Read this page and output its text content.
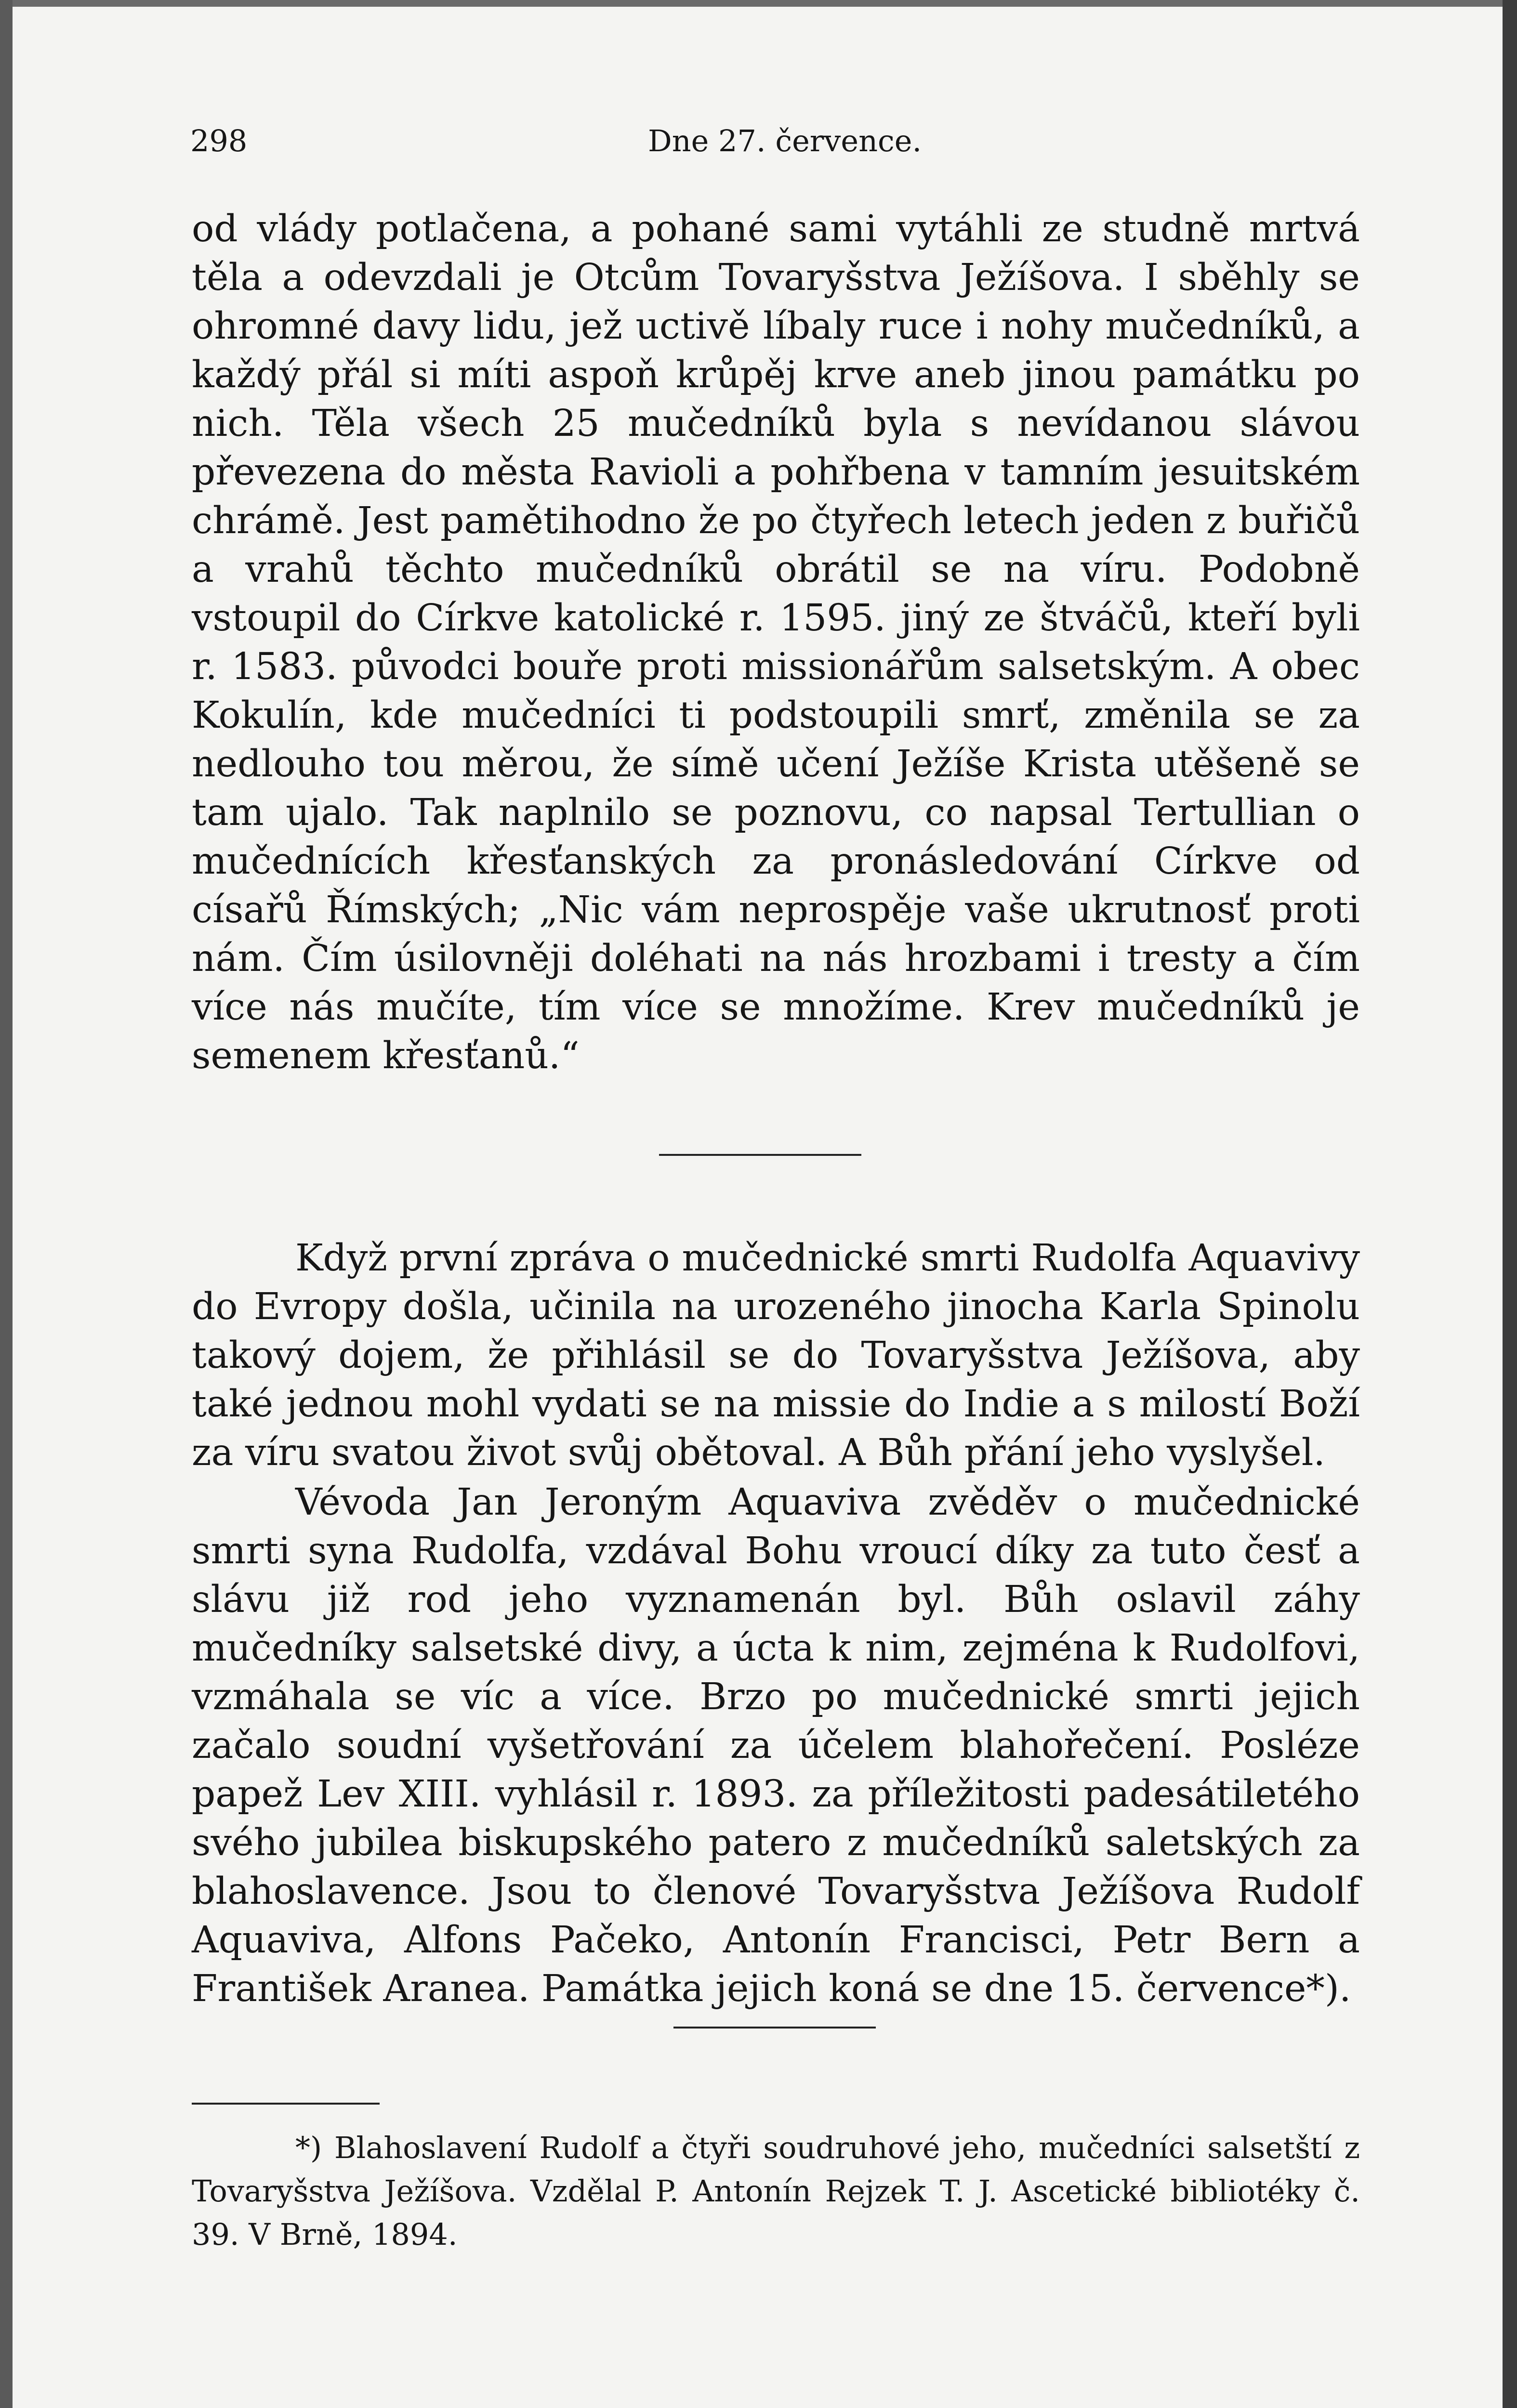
298	Dne 27. července.

od vlády potlačena, a pohané sami vytáhli ze studně mrtvá těla a odevzdali je Otcům Tovaryšstva Ježíšova. I sběhly se ohromné davy lidu, jež uctivě líbaly ruce i nohy mučedníků, a každý přál si míti aspoň krůpěj krve aneb jinou památku po nich. Těla všech 25 mučedníků byla s nevídanou slávou převezena do města Ravioli a pohřbena v tamním jesuitském chrámě. Jest pamětihodno že po čtyřech letech jeden z buřičů a vrahů těchto mučedníků obrátil se na víru. Podobně vstoupil do Církve katolické r. 1595. jiný ze štváčů, kteří byli r. 1583. původci bouře proti missionářům salsetským. A obec Kokulín, kde mučedníci ti podstoupili smrť, změnila se za nedlouho tou měrou, že símě učení Ježíše Krista utěšeně se tam ujalo. Tak naplnilo se poznovu, co napsal Tertullian o mučednících křesťanských za pronásledování Církve od císařů Římských; „Nic vám neprospěje vaše ukrutnosť proti nám. Čím úsilovněji doléhati na nás hrozbami i tresty a čím více nás mučíte, tím více se množíme. Krev mučedníků je semenem křesťanů.“

Když první zpráva o mučednické smrti Rudolfa Aquavivy do Evropy došla, učinila na urozeného jinocha Karla Spinolu takový dojem, že přihlásil se do Tovaryšstva Ježíšova, aby také jednou mohl vydati se na missie do Indie a s milostí Boží za víru svatou život svůj obětoval. A Bůh přání jeho vyslyšel.

Vévoda Jan Jeroným Aquaviva zvěděv o mučednické smrti syna Rudolfa, vzdával Bohu vroucí díky za tuto česť a slávu již rod jeho vyznamenán byl. Bůh oslavil záhy mučedníky salsetské divy, a úcta k nim, zejména k Rudolfovi, vzmáhala se víc a více. Brzo po mučednické smrti jejich začalo soudní vyšetřování za účelem blahořečení. Posléze papež Lev XIII. vyhlásil r. 1893. za příležitosti padesátiletého svého jubilea biskupského patero z mučedníků saletských za blahoslavence. Jsou to členové Tovaryšstva Ježíšova Rudolf Aquaviva, Alfons Pačeko, Antonín Francisci, Petr Bern a František Aranea. Památka jejich koná se dne 15. července*).

*) Blahoslavení Rudolf a čtyři soudruhové jeho, mučedníci salsetští z Tovaryšstva Ježíšova. Vzdělal P. Antonín Rejzek T. J. Ascetické bibliotéky č. 39. V Brně, 1894.
